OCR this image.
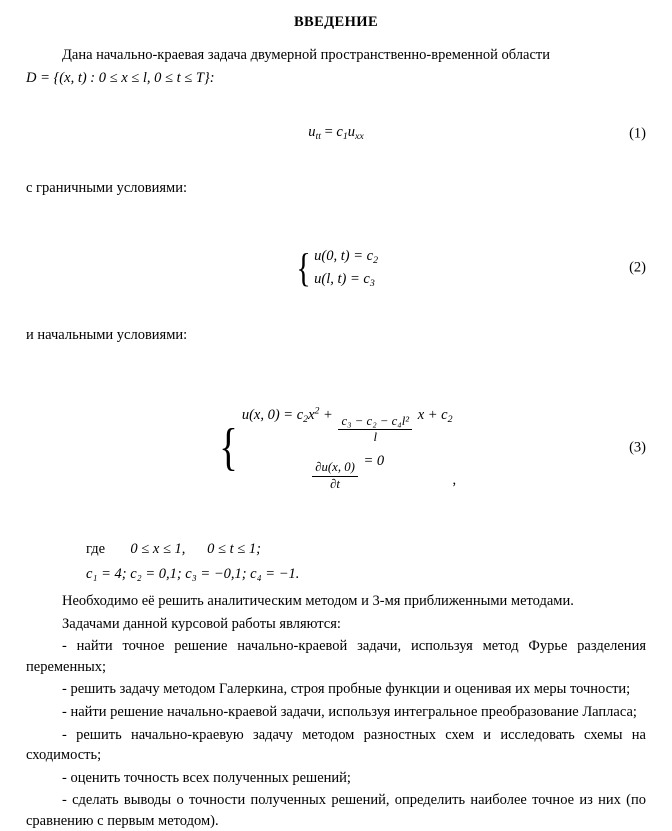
ВВЕДЕНИЕ

Дана начально-краевая задача двумерной пространственно-временной области

D = {(x, t) : 0 ≤ x ≤ l, 0 ≤ t ≤ T}:

$u_{tt} = c_1u_{xx}$	(1)

с граничными условиями:

{ u(0, $t) = c_2$
u(l, $t) = c_3$
(2)

и начальными условиями:

{
u(x, $0) = c_2x^2 + \frac{\text{c₃ − c₂ − c₄l²}}{l}$ $x + c_2$

$\frac{\partial u(x, 0)}{\partial t} = 0$
,
(3)

где 0 ≤ x ≤ 1, 0 ≤ t ≤ 1;

c₁ = 4; c₂ = 0,1; c₃ = −0,1; c₄ = −1.

Необходимо её решить аналитическим методом и 3-мя приближенными методами.

Задачами данной курсовой работы являются:

- найти точное решение начально-краевой задачи, используя метод Фурье разделения переменных;

- решить задачу методом Галеркина, строя пробные функции и оценивая их меры точности;

- найти решение начально-краевой задачи, используя интегральное преобразование Лапласа;

- решить начально-краевую задачу методом разностных схем и исследовать схемы на сходимость;

- оценить точность всех полученных решений;

- сделать выводы о точности полученных решений, определить наиболее точное из них (по сравнению с первым методом).
